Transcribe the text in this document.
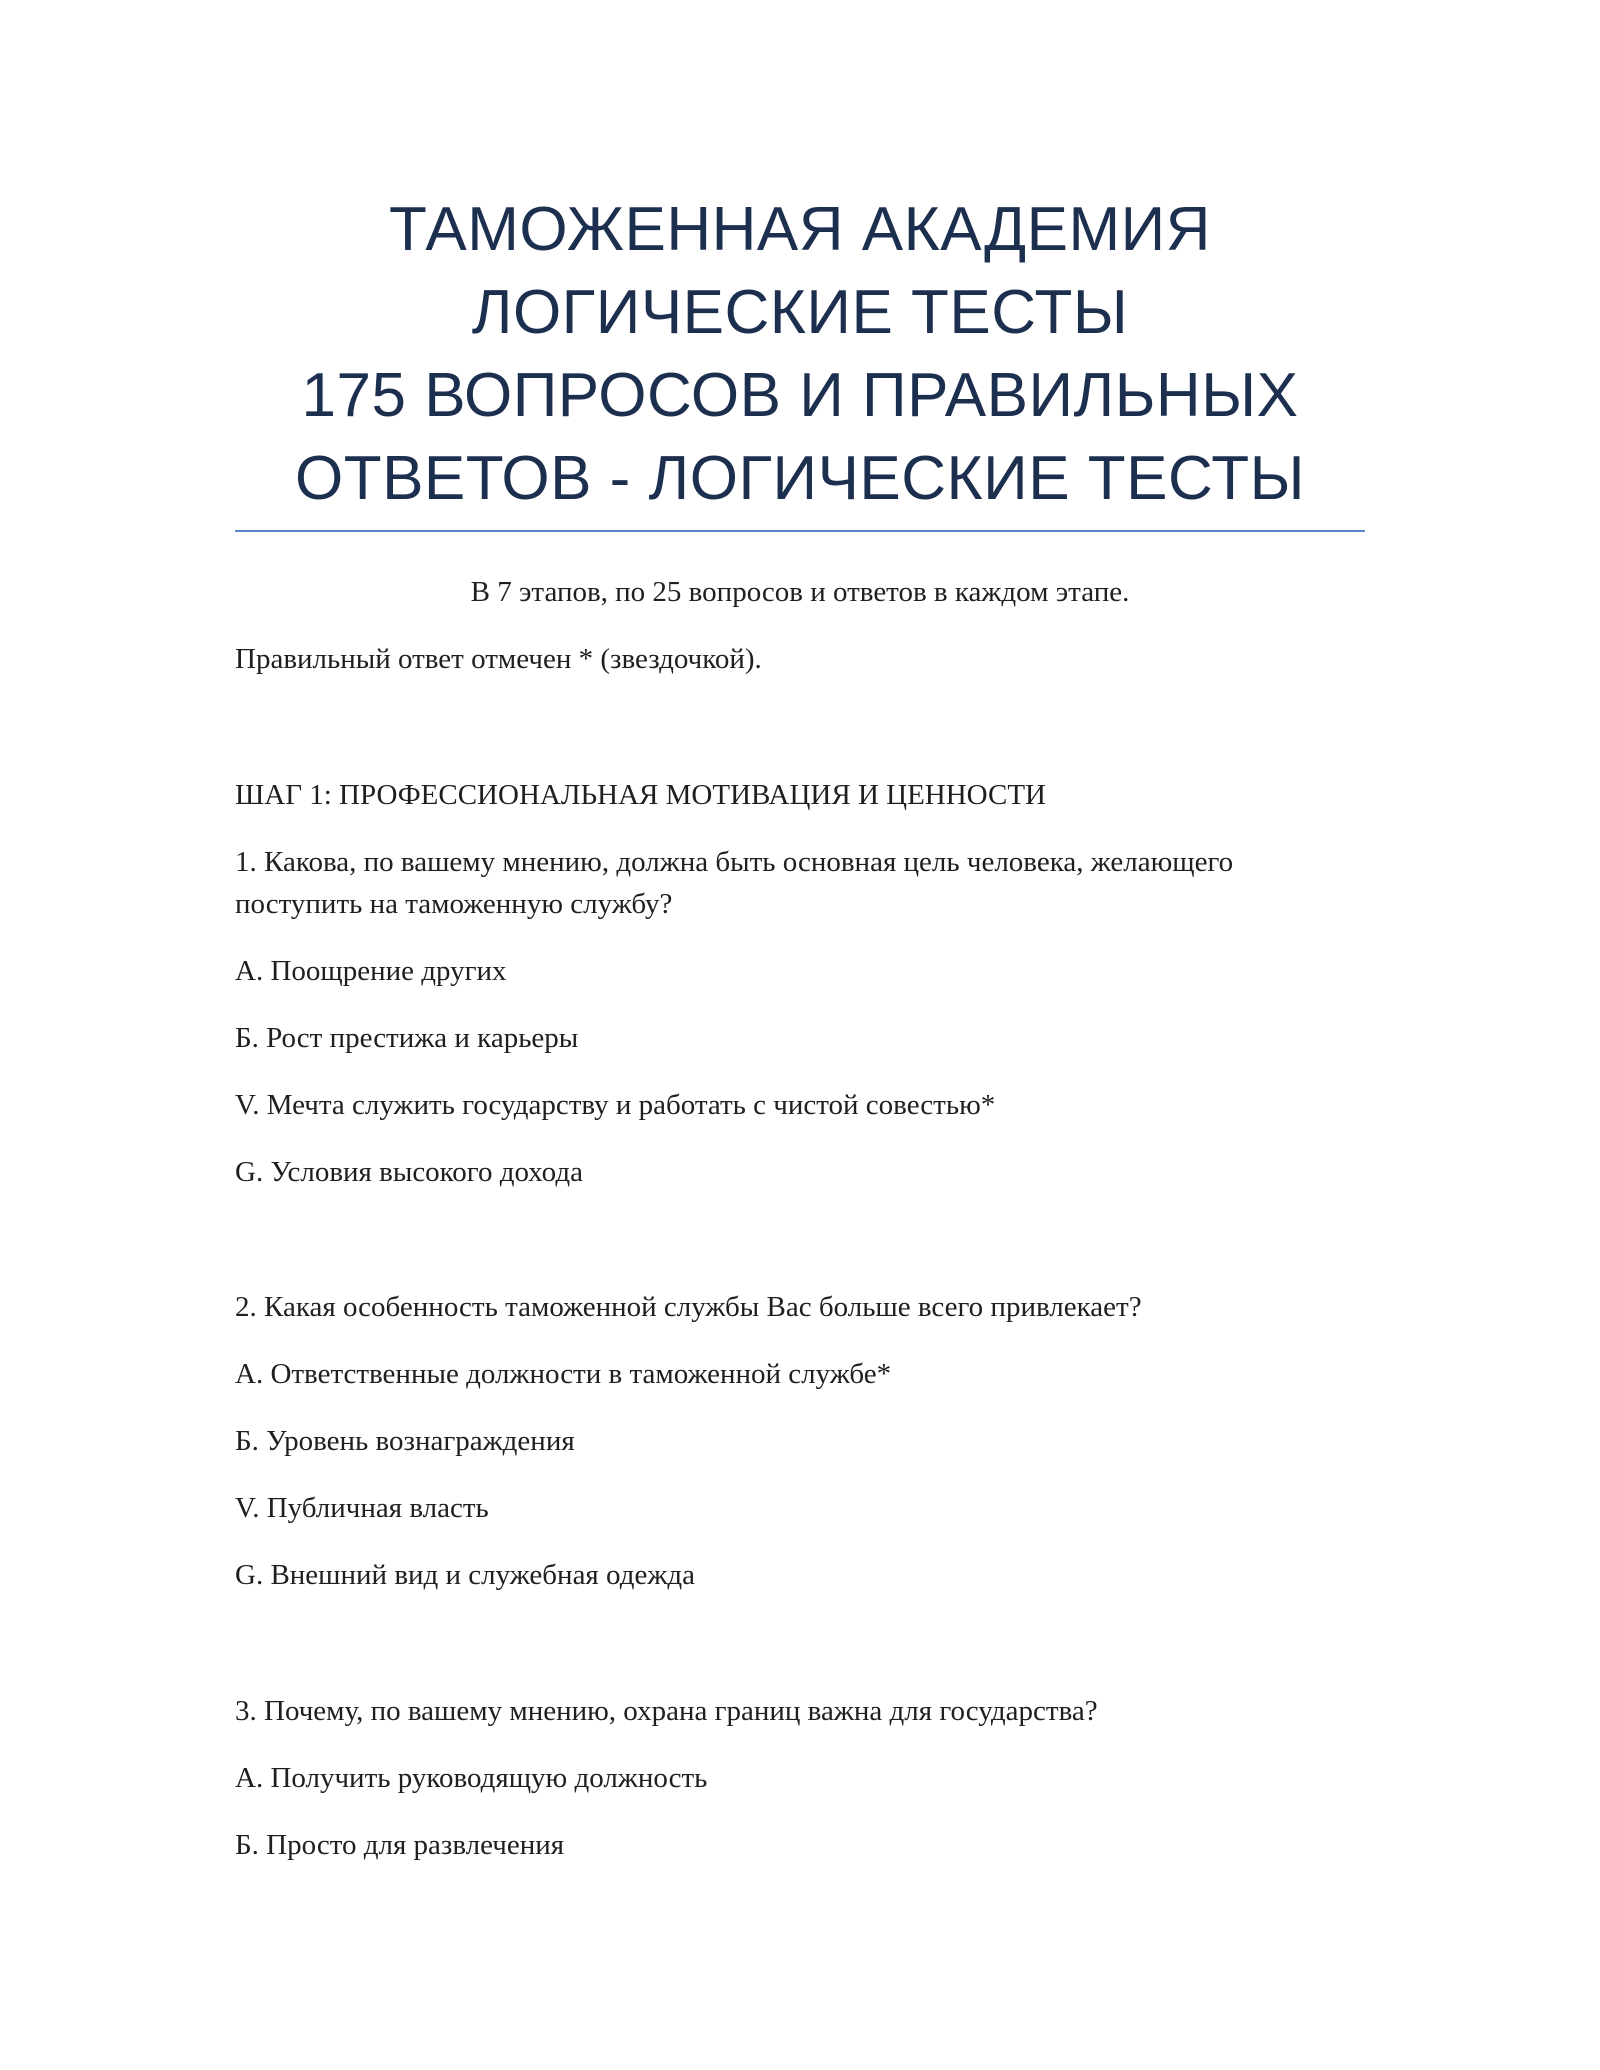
ТАМОЖЕННАЯ АКАДЕМИЯ
ЛОГИЧЕСКИЕ ТЕСТЫ
175 ВОПРОСОВ И ПРАВИЛЬНЫХ
ОТВЕТОВ - ЛОГИЧЕСКИЕ ТЕСТЫ
В 7 этапов, по 25 вопросов и ответов в каждом этапе.
Правильный ответ отмечен * (звездочкой).
ШАГ 1: ПРОФЕССИОНАЛЬНАЯ МОТИВАЦИЯ И ЦЕННОСТИ
1. Какова, по вашему мнению, должна быть основная цель человека, желающего
поступить на таможенную службу?
А. Поощрение других
Б. Рост престижа и карьеры
V. Мечта служить государству и работать с чистой совестью*
G. Условия высокого дохода
2. Какая особенность таможенной службы Вас больше всего привлекает?
А. Ответственные должности в таможенной службе*
Б. Уровень вознаграждения
V. Публичная власть
G. Внешний вид и служебная одежда
3. Почему, по вашему мнению, охрана границ важна для государства?
А. Получить руководящую должность
Б. Просто для развлечения
